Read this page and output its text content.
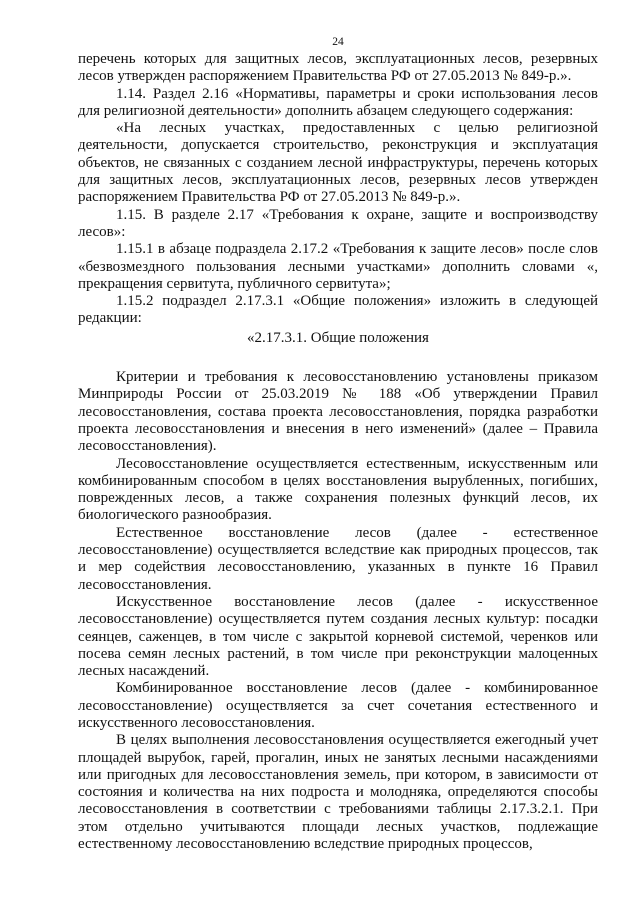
24

перечень которых для защитных лесов, эксплуатационных лесов, резервных лесов утвержден распоряжением Правительства РФ от 27.05.2013 № 849-р.».

1.14. Раздел 2.16 «Нормативы, параметры и сроки использования лесов для религиозной деятельности» дополнить абзацем следующего содержания:

«На лесных участках, предоставленных с целью религиозной деятельности, допускается строительство, реконструкция и эксплуатация объектов, не связанных с созданием лесной инфраструктуры, перечень которых для защитных лесов, эксплуатационных лесов, резервных лесов утвержден распоряжением Правительства РФ от 27.05.2013 № 849-р.».

1.15. В разделе 2.17 «Требования к охране, защите и воспроизводству лесов»:

1.15.1 в абзаце подраздела 2.17.2 «Требования к защите лесов» после слов «безвозмездного пользования лесными участками» дополнить словами «, прекращения сервитута, публичного сервитута»;

1.15.2 подраздел 2.17.3.1 «Общие положения» изложить в следующей редакции:

«2.17.3.1. Общие положения

Критерии и требования к лесовосстановлению установлены приказом Минприроды России от 25.03.2019 № 188 «Об утверждении Правил лесовосстановления, состава проекта лесовосстановления, порядка разработки проекта лесовосстановления и внесения в него изменений» (далее – Правила лесовосстановления).

Лесовосстановление осуществляется естественным, искусственным или комбинированным способом в целях восстановления вырубленных, погибших, поврежденных лесов, а также сохранения полезных функций лесов, их биологического разнообразия.

Естественное восстановление лесов (далее - естественное лесовосстановление) осуществляется вследствие как природных процессов, так и мер содействия лесовосстановлению, указанных в пункте 16 Правил лесовосстановления.

Искусственное восстановление лесов (далее - искусственное лесовосстановление) осуществляется путем создания лесных культур: посадки сеянцев, саженцев, в том числе с закрытой корневой системой, черенков или посева семян лесных растений, в том числе при реконструкции малоценных лесных насаждений.

Комбинированное восстановление лесов (далее - комбинированное лесовосстановление) осуществляется за счет сочетания естественного и искусственного лесовосстановления.

В целях выполнения лесовосстановления осуществляется ежегодный учет площадей вырубок, гарей, прогалин, иных не занятых лесными насаждениями или пригодных для лесовосстановления земель, при котором, в зависимости от состояния и количества на них подроста и молодняка, определяются способы лесовосстановления в соответствии с требованиями таблицы 2.17.3.2.1. При этом отдельно учитываются площади лесных участков, подлежащие естественному лесовосстановлению вследствие природных процессов,
